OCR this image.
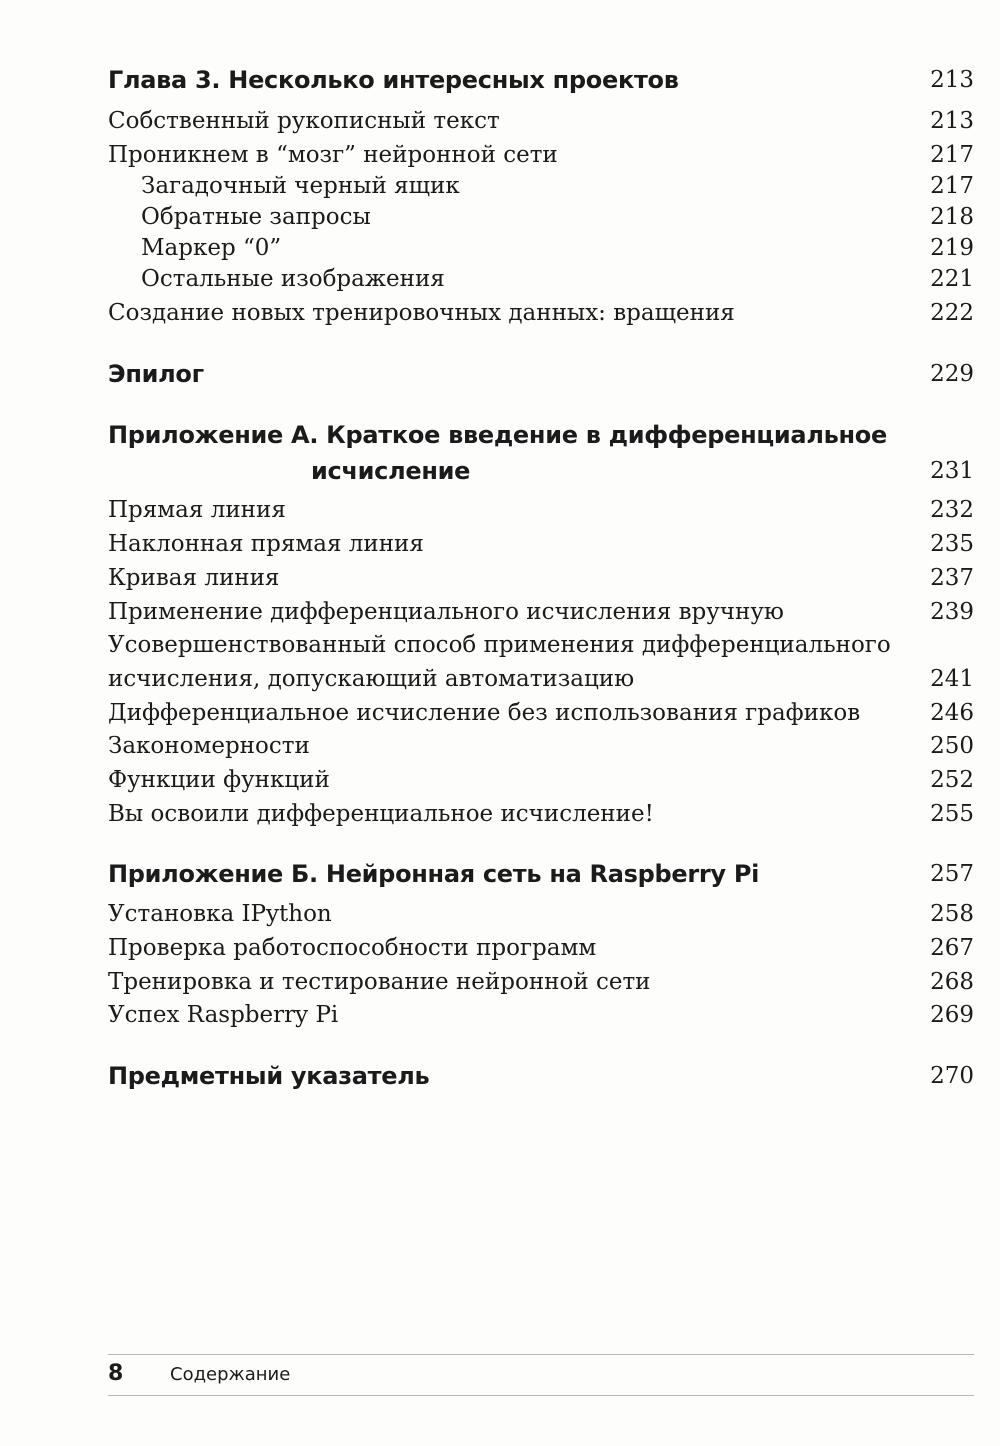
Глава 3. Несколько интересных проектов	213
Собственный рукописный текст	213
Проникнем в “мозг” нейронной сети	217
Загадочный черный ящик	217
Обратные запросы	218
Маркер “0”	219
Остальные изображения	221
Создание новых тренировочных данных: вращения	222
Эпилог	229
Приложение А. Краткое введение в дифференциальное
исчисление	231
Прямая линия	232
Наклонная прямая линия	235
Кривая линия	237
Применение дифференциального исчисления вручную	239
Усовершенствованный способ применения дифференциального
исчисления, допускающий автоматизацию	241
Дифференциальное исчисление без использования графиков	246
Закономерности	250
Функции функций	252
Вы освоили дифференциальное исчисление!	255
Приложение Б. Нейронная сеть на Raspberry Pi	257
Установка IPython	258
Проверка работоспособности программ	267
Тренировка и тестирование нейронной сети	268
Успех Raspberry Pi	269
Предметный указатель	270
8	Содержание
